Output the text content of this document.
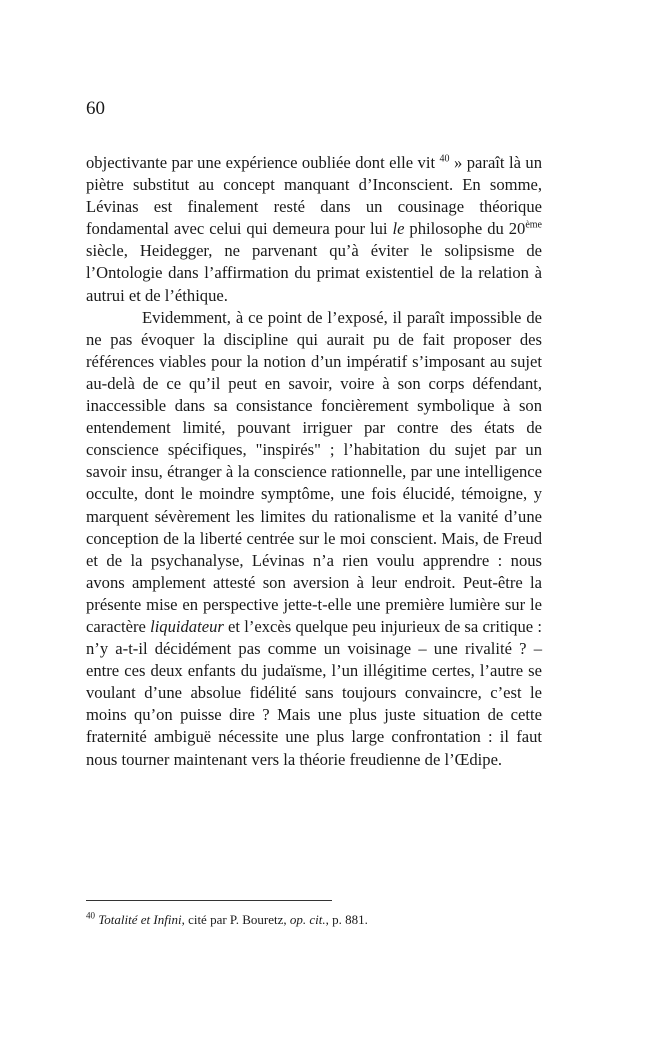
60

objectivante par une expérience oubliée dont elle vit $^{40}$ » paraît là un piètre substitut au concept manquant d’Inconscient. En somme, Lévinas est finalement resté dans un cousinage théorique fondamental avec celui qui demeura pour lui le philosophe du 20ème siècle, Heidegger, ne parvenant qu’à éviter le solipsisme de l’Ontologie dans l’affirmation du primat existentiel de la relation à autrui et de l’éthique.

Evidemment, à ce point de l’exposé, il paraît impossible de ne pas évoquer la discipline qui aurait pu de fait proposer des références viables pour la notion d’un impératif s’imposant au sujet au-delà de ce qu’il peut en savoir, voire à son corps défendant, inaccessible dans sa consistance foncièrement symbolique à son entendement limité, pouvant irriguer par contre des états de conscience spécifiques, "inspirés" ; l’habitation du sujet par un savoir insu, étranger à la conscience rationnelle, par une intelligence occulte, dont le moindre symptôme, une fois élucidé, témoigne, y marquent sévèrement les limites du rationalisme et la vanité d’une conception de la liberté centrée sur le moi conscient. Mais, de Freud et de la psychanalyse, Lévinas n’a rien voulu apprendre : nous avons amplement attesté son aversion à leur endroit. Peut-être la présente mise en perspective jette-t-elle une première lumière sur le caractère liquidateur et l’excès quelque peu injurieux de sa critique : n’y a-t-il décidément pas comme un voisinage – une rivalité ? – entre ces deux enfants du judaïsme, l’un illégitime certes, l’autre se voulant d’une absolue fidélité sans toujours convaincre, c’est le moins qu’on puisse dire ? Mais une plus juste situation de cette fraternité ambiguë nécessite une plus large confrontation : il faut nous tourner maintenant vers la théorie freudienne de l’Œdipe.

$^{40}$ Totalité et Infini, cité par P. Bouretz, op. cit., p. 881.
